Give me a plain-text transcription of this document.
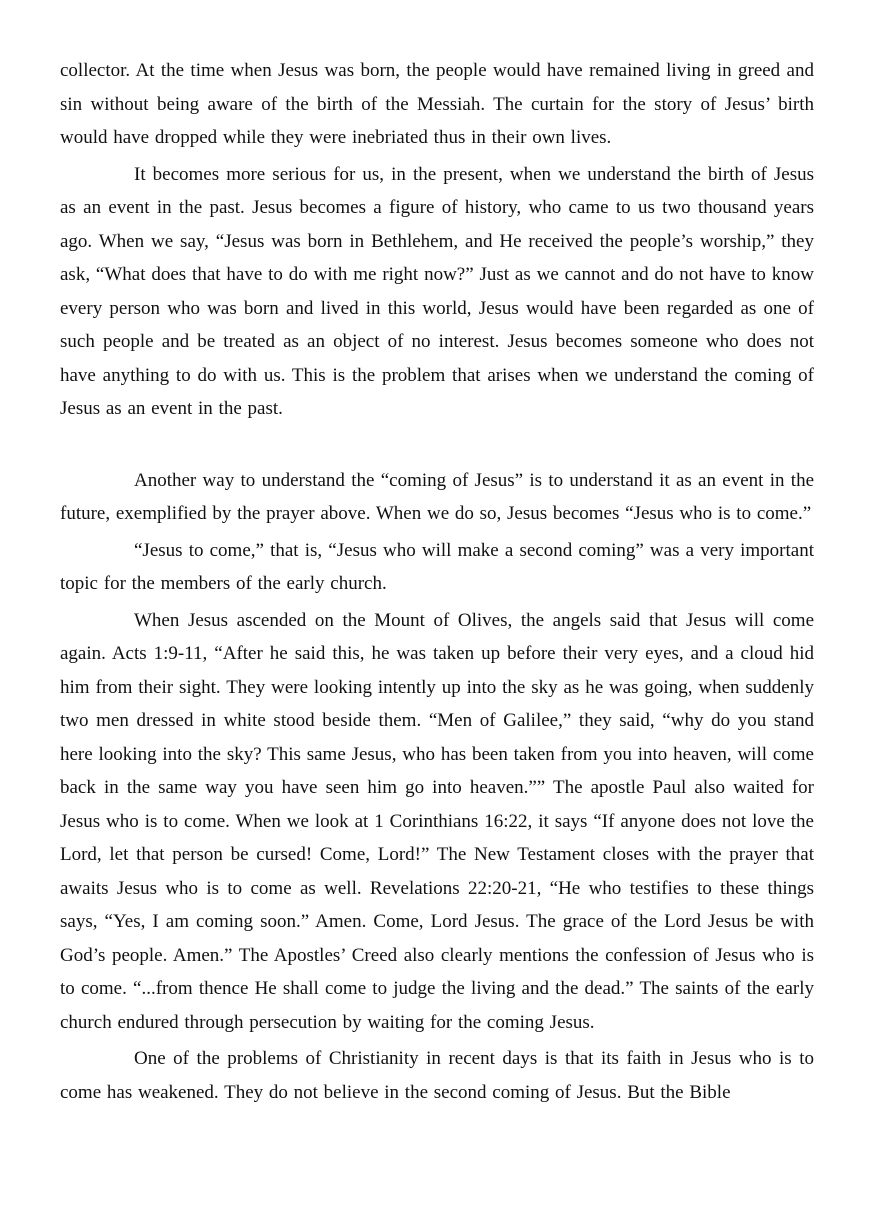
collector. At the time when Jesus was born, the people would have remained living in greed and sin without being aware of the birth of the Messiah. The curtain for the story of Jesus’ birth would have dropped while they were inebriated thus in their own lives.

It becomes more serious for us, in the present, when we understand the birth of Jesus as an event in the past. Jesus becomes a figure of history, who came to us two thousand years ago. When we say, “Jesus was born in Bethlehem, and He received the people’s worship,” they ask, “What does that have to do with me right now?” Just as we cannot and do not have to know every person who was born and lived in this world, Jesus would have been regarded as one of such people and be treated as an object of no interest. Jesus becomes someone who does not have anything to do with us. This is the problem that arises when we understand the coming of Jesus as an event in the past.

Another way to understand the “coming of Jesus” is to understand it as an event in the future, exemplified by the prayer above. When we do so, Jesus becomes “Jesus who is to come.”

“Jesus to come,” that is, “Jesus who will make a second coming” was a very important topic for the members of the early church.

When Jesus ascended on the Mount of Olives, the angels said that Jesus will come again. Acts 1:9-11, “After he said this, he was taken up before their very eyes, and a cloud hid him from their sight. They were looking intently up into the sky as he was going, when suddenly two men dressed in white stood beside them. “Men of Galilee,” they said, “why do you stand here looking into the sky? This same Jesus, who has been taken from you into heaven, will come back in the same way you have seen him go into heaven.”” The apostle Paul also waited for Jesus who is to come. When we look at 1 Corinthians 16:22, it says “If anyone does not love the Lord, let that person be cursed! Come, Lord!” The New Testament closes with the prayer that awaits Jesus who is to come as well. Revelations 22:20-21, “He who testifies to these things says, “Yes, I am coming soon.” Amen. Come, Lord Jesus. The grace of the Lord Jesus be with God’s people. Amen.” The Apostles’ Creed also clearly mentions the confession of Jesus who is to come. “...from thence He shall come to judge the living and the dead.” The saints of the early church endured through persecution by waiting for the coming Jesus.

One of the problems of Christianity in recent days is that its faith in Jesus who is to come has weakened. They do not believe in the second coming of Jesus. But the Bible
